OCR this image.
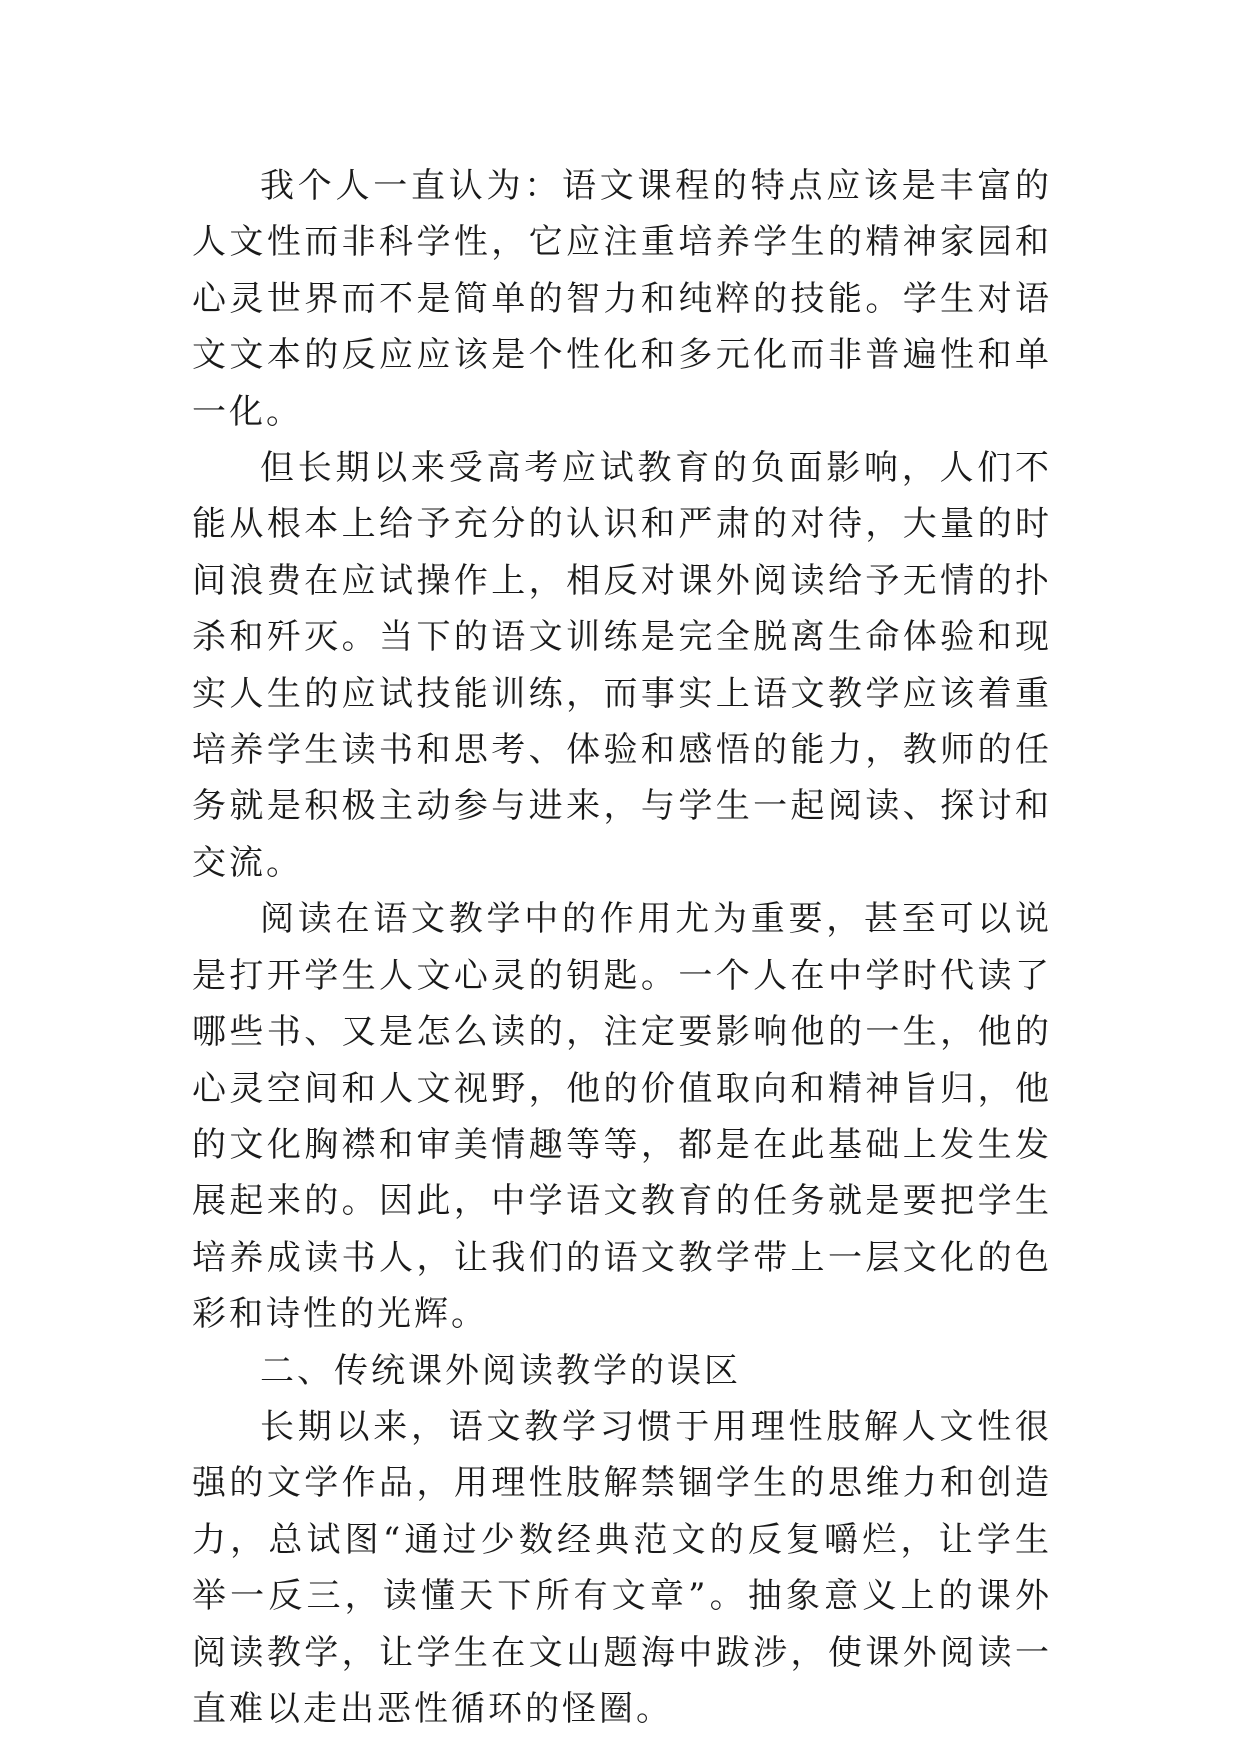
我个人一直认为：语文课程的特点应该是丰富的人文性而非科学性，它应注重培养学生的精神家园和心灵世界而不是简单的智力和纯粹的技能。学生对语文文本的反应应该是个性化和多元化而非普遍性和单一化。

但长期以来受高考应试教育的负面影响，人们不能从根本上给予充分的认识和严肃的对待，大量的时间浪费在应试操作上，相反对课外阅读给予无情的扑杀和歼灭。当下的语文训练是完全脱离生命体验和现实人生的应试技能训练，而事实上语文教学应该着重培养学生读书和思考、体验和感悟的能力，教师的任务就是积极主动参与进来，与学生一起阅读、探讨和交流。

阅读在语文教学中的作用尤为重要，甚至可以说是打开学生人文心灵的钥匙。一个人在中学时代读了哪些书、又是怎么读的，注定要影响他的一生，他的心灵空间和人文视野，他的价值取向和精神旨归，他的文化胸襟和审美情趣等等，都是在此基础上发生发展起来的。因此，中学语文教育的任务就是要把学生培养成读书人，让我们的语文教学带上一层文化的色彩和诗性的光辉。

二、传统课外阅读教学的误区

长期以来，语文教学习惯于用理性肢解人文性很强的文学作品，用理性肢解禁锢学生的思维力和创造力，总试图“通过少数经典范文的反复嚼烂，让学生举一反三，读懂天下所有文章”。抽象意义上的课外阅读教学，让学生在文山题海中跋涉，使课外阅读一直难以走出恶性循环的怪圈。
